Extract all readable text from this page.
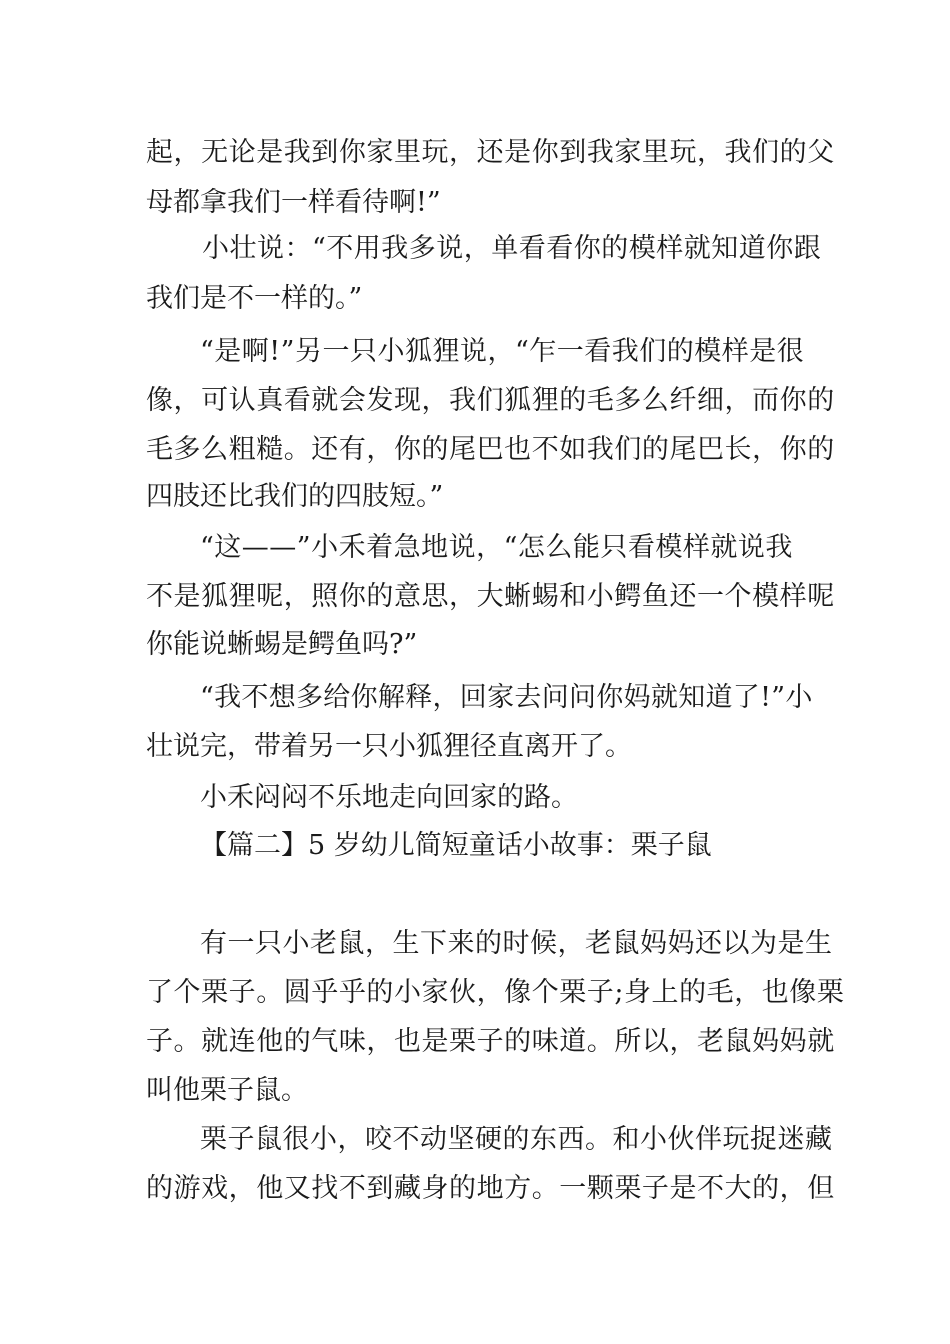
起，无论是我到你家里玩，还是你到我家里玩，我们的父
母都拿我们一样看待啊!”
小壮说：“不用我多说，单看看你的模样就知道你跟
我们是不一样的。”
“是啊!”另一只小狐狸说，“乍一看我们的模样是很
像，可认真看就会发现，我们狐狸的毛多么纤细，而你的
毛多么粗糙。还有，你的尾巴也不如我们的尾巴长，你的
四肢还比我们的四肢短。”
“这——”小禾着急地说，“怎么能只看模样就说我
不是狐狸呢，照你的意思，大蜥蜴和小鳄鱼还一个模样呢
你能说蜥蜴是鳄鱼吗?”
“我不想多给你解释，回家去问问你妈就知道了!”小
壮说完，带着另一只小狐狸径直离开了。
小禾闷闷不乐地走向回家的路。
【篇二】5 岁幼儿简短童话小故事：栗子鼠
有一只小老鼠，生下来的时候，老鼠妈妈还以为是生
了个栗子。圆乎乎的小家伙，像个栗子;身上的毛，也像栗
子。就连他的气味，也是栗子的味道。所以，老鼠妈妈就
叫他栗子鼠。
栗子鼠很小，咬不动坚硬的东西。和小伙伴玩捉迷藏
的游戏，他又找不到藏身的地方。一颗栗子是不大的，但
